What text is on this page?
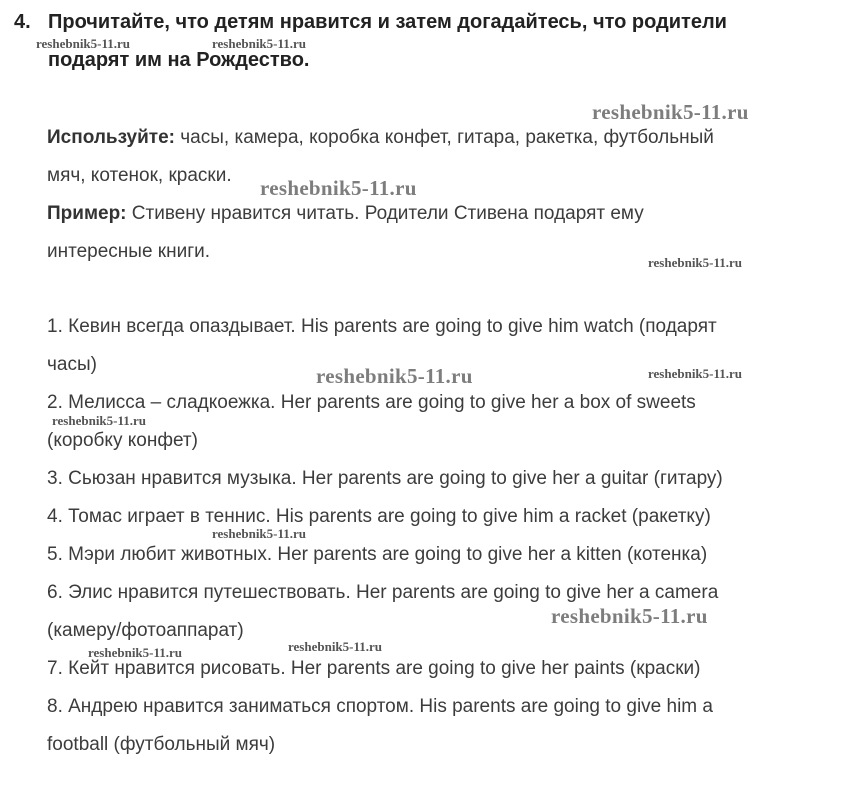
4. Прочитайте, что детям нравится и затем догадайтесь, что родители
подарят им на Рождество.
Используйте: часы, камера, коробка конфет, гитара, ракетка, футбольный
мяч, котенок, краски.
Пример: Стивену нравится читать. Родители Стивена подарят ему
интересные книги.
1. Кевин всегда опаздывает. His parents are going to give him watch (подарят
часы)
2. Мелисса – сладкоежка. Her parents are going to give her a box of sweets
(коробку конфет)
3. Сьюзан нравится музыка. Her parents are going to give her a guitar (гитару)
4. Томас играет в теннис. His parents are going to give him a racket (ракетку)
5. Мэри любит животных. Her parents are going to give her a kitten (котенка)
6. Элис нравится путешествовать. Her parents are going to give her a camera
(камеру/фотоаппарат)
7. Кейт нравится рисовать. Her parents are going to give her paints (краски)
8. Андрею нравится заниматься спортом. His parents are going to give him a
football (футбольный мяч)
reshebnik5-11.ru	reshebnik5-11.ru
reshebnik5-11.ru
reshebnik5-11.ru
reshebnik5-11.ru
reshebnik5-11.ru	reshebnik5-11.ru
reshebnik5-11.ru
reshebnik5-11.ru
reshebnik5-11.ru
reshebnik5-11.ru
reshebnik5-11.ru
